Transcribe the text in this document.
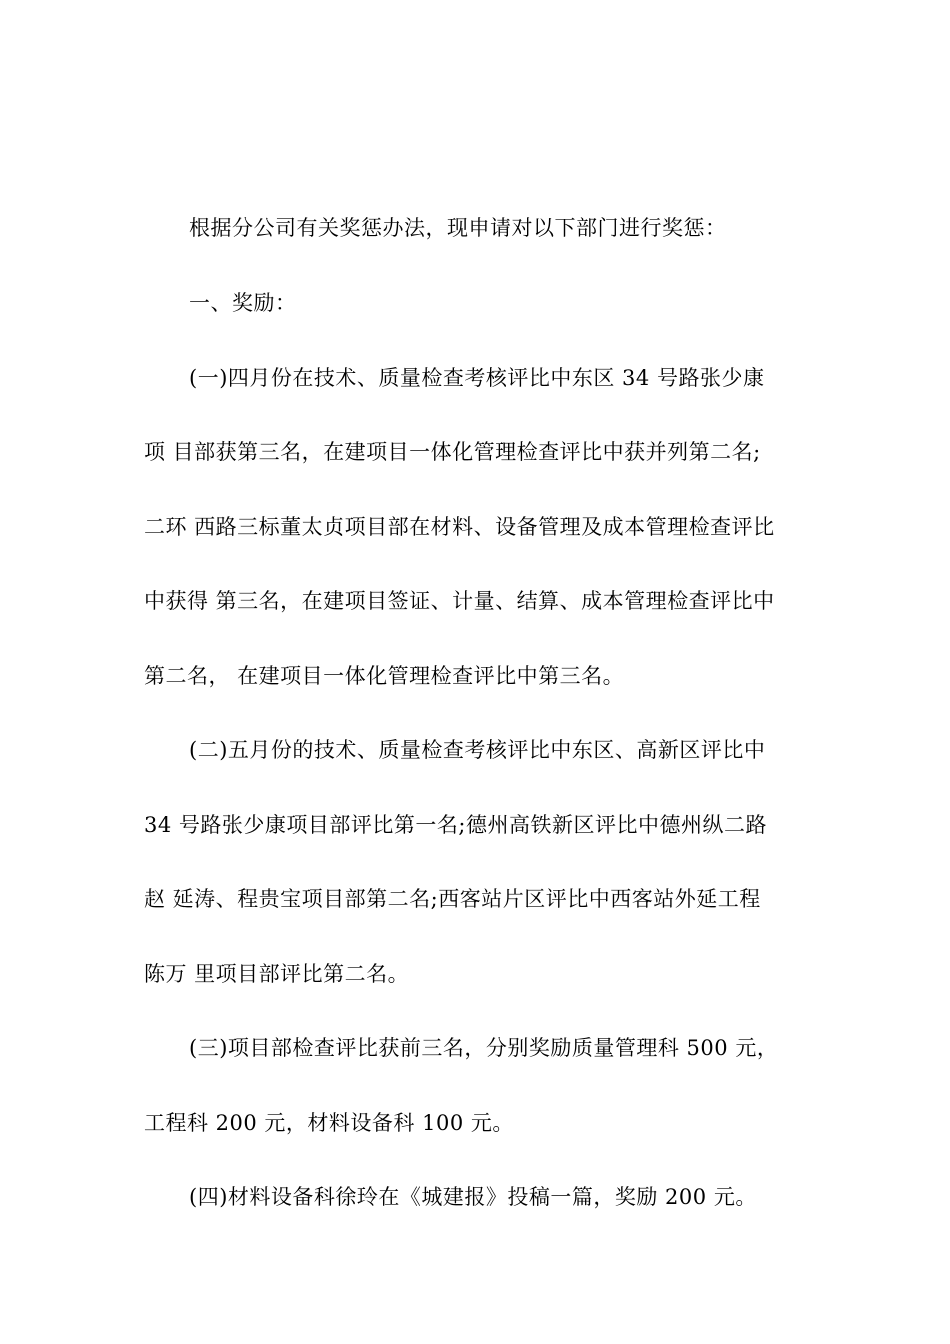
根据分公司有关奖惩办法，现申请对以下部门进行奖惩：
一、奖励：
(一)四月份在技术、质量检查考核评比中东区 34 号路张少康
项 目部获第三名，在建项目一体化管理检查评比中获并列第二名;
二环 西路三标董太贞项目部在材料、设备管理及成本管理检查评比
中获得 第三名，在建项目签证、计量、结算、成本管理检查评比中
第二名， 在建项目一体化管理检查评比中第三名。
(二)五月份的技术、质量检查考核评比中东区、高新区评比中
34 号路张少康项目部评比第一名;德州高铁新区评比中德州纵二路
赵 延涛、程贵宝项目部第二名;西客站片区评比中西客站外延工程
陈万 里项目部评比第二名。
(三)项目部检查评比获前三名，分别奖励质量管理科 500 元，
工程科 200 元，材料设备科 100 元。
(四)材料设备科徐玲在《城建报》投稿一篇，奖励 200 元。
